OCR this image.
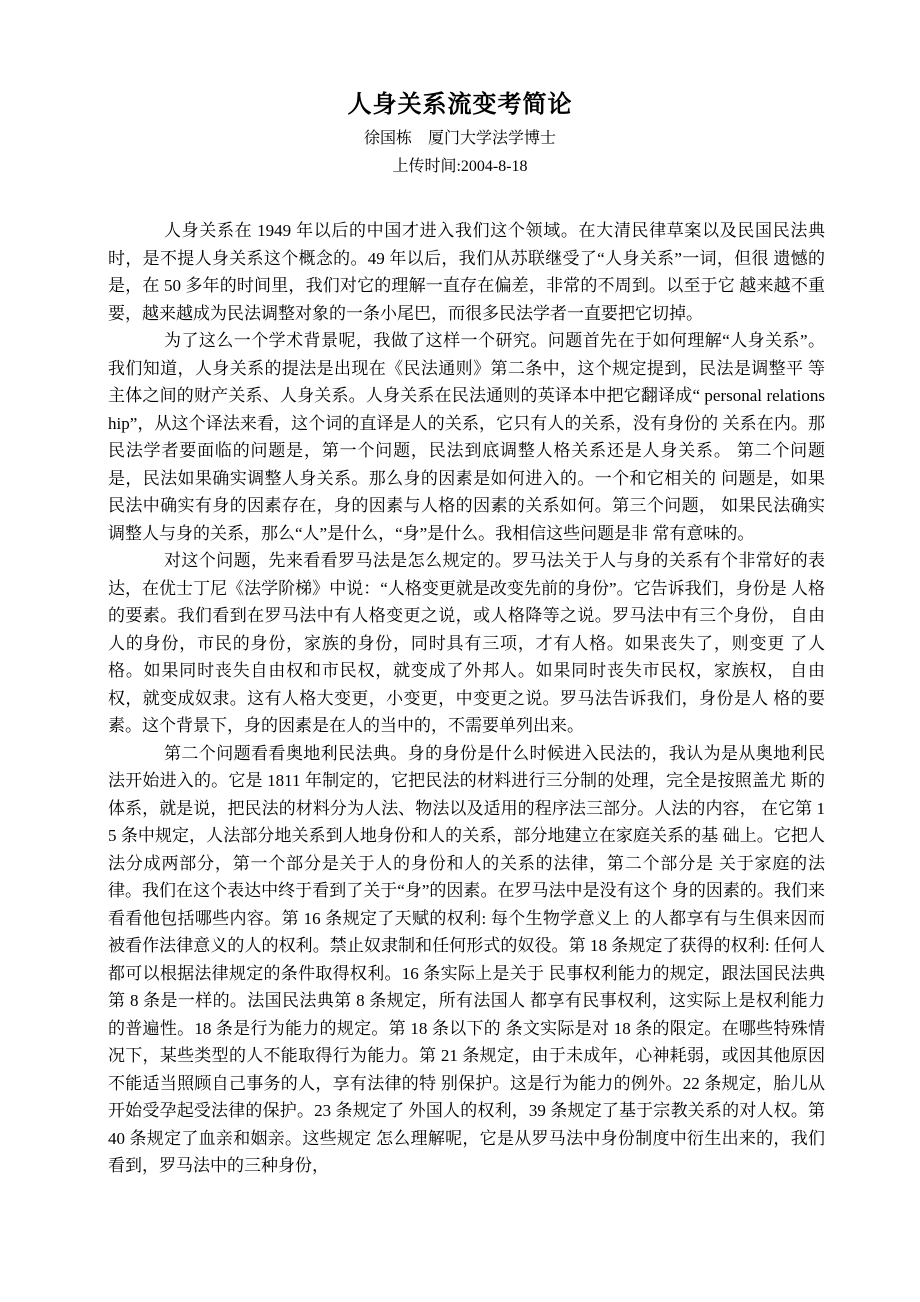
人身关系流变考简论
徐国栋　厦门大学法学博士
上传时间:2004-8-18

人身关系在 1949 年以后的中国才进入我们这个领域。在大清民律草案以及民国民法典 时，是不提人身关系这个概念的。49 年以后，我们从苏联继受了“人身关系”一词，但很 遗憾的是，在 50 多年的时间里，我们对它的理解一直存在偏差，非常的不周到。以至于它 越来越不重要，越来越成为民法调整对象的一条小尾巴，而很多民法学者一直要把它切掉。

为了这么一个学术背景呢，我做了这样一个研究。问题首先在于如何理解“人身关系”。 我们知道，人身关系的提法是出现在《民法通则》第二条中，这个规定提到，民法是调整平 等主体之间的财产关系、人身关系。人身关系在民法通则的英译本中把它翻译成“ personal relationship”，从这个译法来看，这个词的直译是人的关系，它只有人的关系，没有身份的 关系在内。那民法学者要面临的问题是，第一个问题，民法到底调整人格关系还是人身关系。 第二个问题是，民法如果确实调整人身关系。那么身的因素是如何进入的。一个和它相关的 问题是，如果民法中确实有身的因素存在，身的因素与人格的因素的关系如何。第三个问题， 如果民法确实调整人与身的关系，那么“人”是什么，“身”是什么。我相信这些问题是非 常有意味的。

对这个问题，先来看看罗马法是怎么规定的。罗马法关于人与身的关系有个非常好的表 达，在优士丁尼《法学阶梯》中说：“人格变更就是改变先前的身份”。它告诉我们，身份是 人格的要素。我们看到在罗马法中有人格变更之说，或人格降等之说。罗马法中有三个身份， 自由人的身份，市民的身份，家族的身份，同时具有三项，才有人格。如果丧失了，则变更 了人格。如果同时丧失自由权和市民权，就变成了外邦人。如果同时丧失市民权，家族权， 自由权，就变成奴隶。这有人格大变更，小变更，中变更之说。罗马法告诉我们，身份是人 格的要素。这个背景下，身的因素是在人的当中的，不需要单列出来。

第二个问题看看奥地利民法典。身的身份是什么时候进入民法的，我认为是从奥地利民 法开始进入的。它是 1811 年制定的，它把民法的材料进行三分制的处理，完全是按照盖尤 斯的体系，就是说，把民法的材料分为人法、物法以及适用的程序法三部分。人法的内容， 在它第 15 条中规定，人法部分地关系到人地身份和人的关系，部分地建立在家庭关系的基 础上。它把人法分成两部分，第一个部分是关于人的身份和人的关系的法律，第二个部分是 关于家庭的法律。我们在这个表达中终于看到了关于“身”的因素。在罗马法中是没有这个 身的因素的。我们来看看他包括哪些内容。第 16 条规定了天赋的权利: 每个生物学意义上 的人都享有与生俱来因而被看作法律意义的人的权利。禁止奴隶制和任何形式的奴役。第 18 条规定了获得的权利: 任何人都可以根据法律规定的条件取得权利。16 条实际上是关于 民事权利能力的规定，跟法国民法典第 8 条是一样的。法国民法典第 8 条规定，所有法国人 都享有民事权利，这实际上是权利能力的普遍性。18 条是行为能力的规定。第 18 条以下的 条文实际是对 18 条的限定。在哪些特殊情况下，某些类型的人不能取得行为能力。第 21 条规定，由于未成年，心神耗弱，或因其他原因不能适当照顾自己事务的人，享有法律的特 别保护。这是行为能力的例外。22 条规定，胎儿从开始受孕起受法律的保护。23 条规定了 外国人的权利，39 条规定了基于宗教关系的对人权。第 40 条规定了血亲和姻亲。这些规定 怎么理解呢，它是从罗马法中身份制度中衍生出来的，我们看到，罗马法中的三种身份，
